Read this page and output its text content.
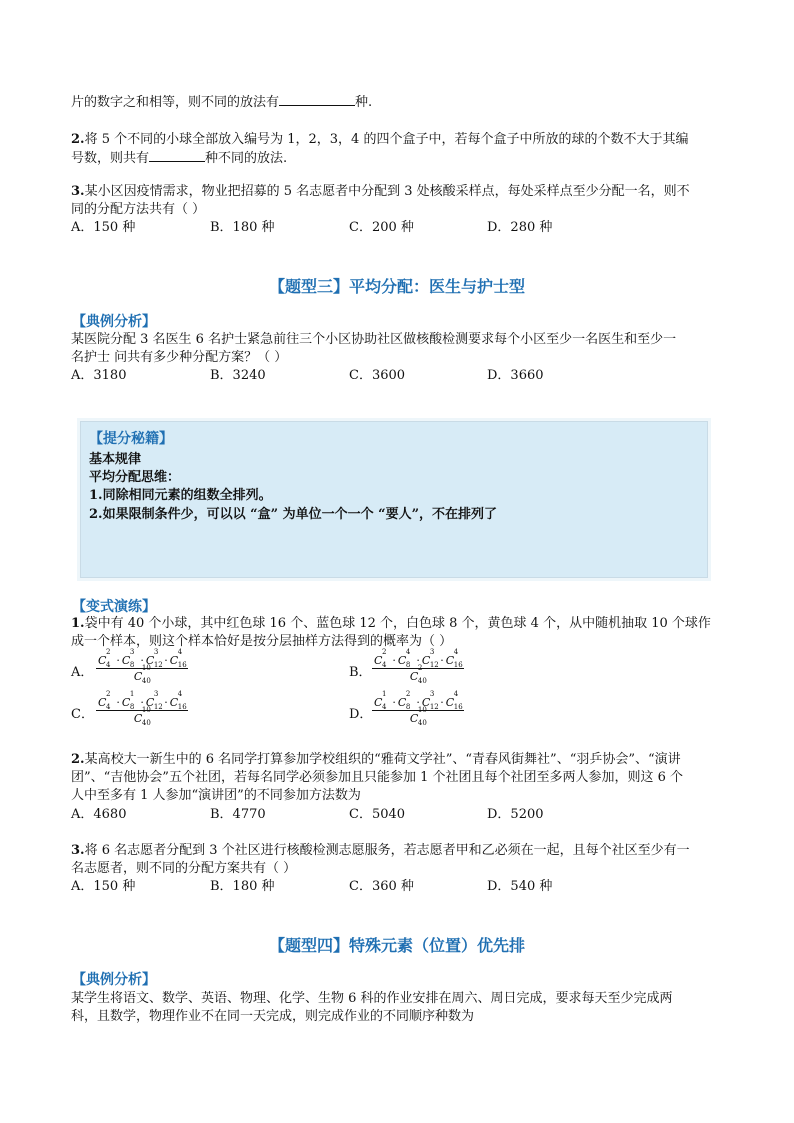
片的数字之和相等，则不同的放法有	种.
2.将 5 个不同的小球全部放入编号为 1，2，3，4 的四个盒子中，若每个盒子中所放的球的个数不大于其编
号数，则共有	种不同的放法.
3.某小区因疫情需求，物业把招募的 5 名志愿者中分配到 3 处核酸采样点，每处采样点至少分配一名，则不
同的分配方法共有（ ）
A．150 种	B．180 种	C．200 种	D．280 种
【题型三】平均分配：医生与护士型
【典例分析】
某医院分配 3 名医生 6 名护士紧急前往三个小区协助社区做核酸检测要求每个小区至少一名医生和至少一
名护士 问共有多少种分配方案？（ ）
A．3180	B．3240	C．3600	D．3660
【提分秘籍】
基本规律
平均分配思维：
1.同除相同元素的组数全排列。
2.如果限制条件少，可以以 “盒” 为单位一个一个 “要人”，不在排列了
【变式演练】
1.袋中有 40 个小球，其中红色球 16 个、蓝色球 12 个，白色球 8 个，黄色球 4 个，从中随机抽取 10 个球作
成一个样本，则这个样本恰好是按分层抽样方法得到的概率为（ ）
A． C
2
4 · C
3
8 · C
3
12 · C
4
16
C
10
40	B． C
2
4 · C
4
8 · C
3
12 · C
4
16
C
2
40
C． C
2
4 · C
1
8 · C
3
12 · C
4
16
C
10
40	D． C
1
4 · C
2
8 · C
3
12 · C
4
16
C
10
40
2.某高校大一新生中的 6 名同学打算参加学校组织的“雅荷文学社”、“青春风街舞社”、“羽乒协会”、“演讲
团”、“吉他协会”五个社团，若每名同学必须参加且只能参加 1 个社团且每个社团至多两人参加，则这 6 个
人中至多有 1 人参加“演讲团”的不同参加方法数为
A．4680	B．4770	C．5040	D．5200
3.将 6 名志愿者分配到 3 个社区进行核酸检测志愿服务，若志愿者甲和乙必须在一起，且每个社区至少有一
名志愿者，则不同的分配方案共有（ ）
A．150 种	B．180 种	C．360 种	D．540 种
【题型四】特殊元素（位置）优先排
【典例分析】
某学生将语文、数学、英语、物理、化学、生物 6 科的作业安排在周六、周日完成，要求每天至少完成两
科，且数学，物理作业不在同一天完成，则完成作业的不同顺序种数为
